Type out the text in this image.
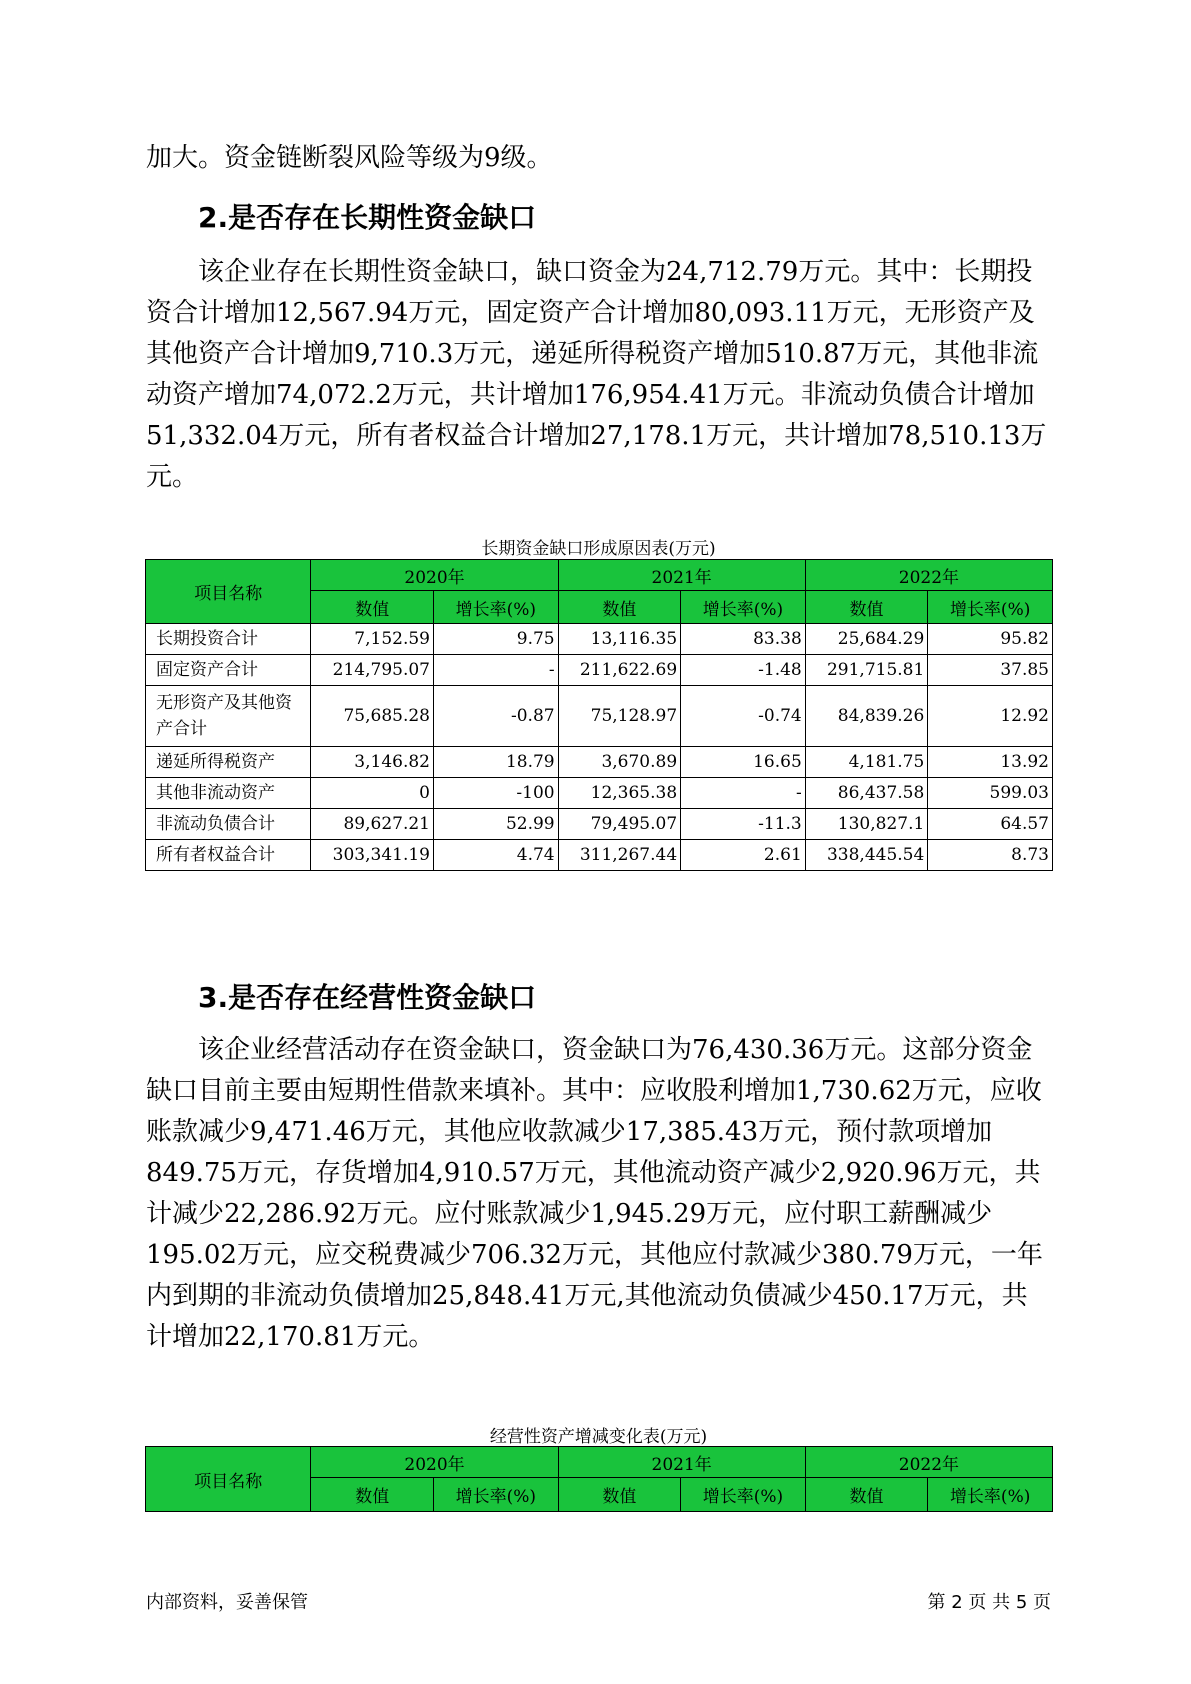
加大。资金链断裂风险等级为9级。

2.是否存在长期性资金缺口

该企业存在长期性资金缺口，缺口资金为24,712.79万元。其中：长期投资合计增加12,567.94万元，固定资产合计增加80,093.11万元，无形资产及其他资产合计增加9,710.3万元，递延所得税资产增加510.87万元，其他非流动资产增加74,072.2万元，共计增加176,954.41万元。非流动负债合计增加51,332.04万元，所有者权益合计增加27,178.1万元，共计增加78,510.13万元。

长期资金缺口形成原因表(万元)

项目名称	2020年		2021年		2022年	
	数值	增长率(%)	数值	增长率(%)	数值	增长率(%)
长期投资合计	7,152.59	9.75	13,116.35	83.38	25,684.29	95.82
固定资产合计	214,795.07	-	211,622.69	-1.48	291,715.81	37.85
无形资产及其他资产合计	75,685.28	-0.87	75,128.97	-0.74	84,839.26	12.92
递延所得税资产	3,146.82	18.79	3,670.89	16.65	4,181.75	13.92
其他非流动资产	0	-100	12,365.38	-	86,437.58	599.03
非流动负债合计	89,627.21	52.99	79,495.07	-11.3	130,827.1	64.57
所有者权益合计	303,341.19	4.74	311,267.44	2.61	338,445.54	8.73
3.是否存在经营性资金缺口

该企业经营活动存在资金缺口，资金缺口为76,430.36万元。这部分资金缺口目前主要由短期性借款来填补。其中：应收股利增加1,730.62万元，应收账款减少9,471.46万元，其他应收款减少17,385.43万元，预付款项增加849.75万元，存货增加4,910.57万元，其他流动资产减少2,920.96万元，共计减少22,286.92万元。应付账款减少1,945.29万元，应付职工薪酬减少195.02万元，应交税费减少706.32万元，其他应付款减少380.79万元，一年内到期的非流动负债增加25,848.41万元,其他流动负债减少450.17万元，共计增加22,170.81万元。

经营性资产增减变化表(万元)

项目名称	2020年		2021年		2022年	
	数值	增长率(%)	数值	增长率(%)	数值	增长率(%)
内部资料，妥善保管	第 2 页 共 5 页
